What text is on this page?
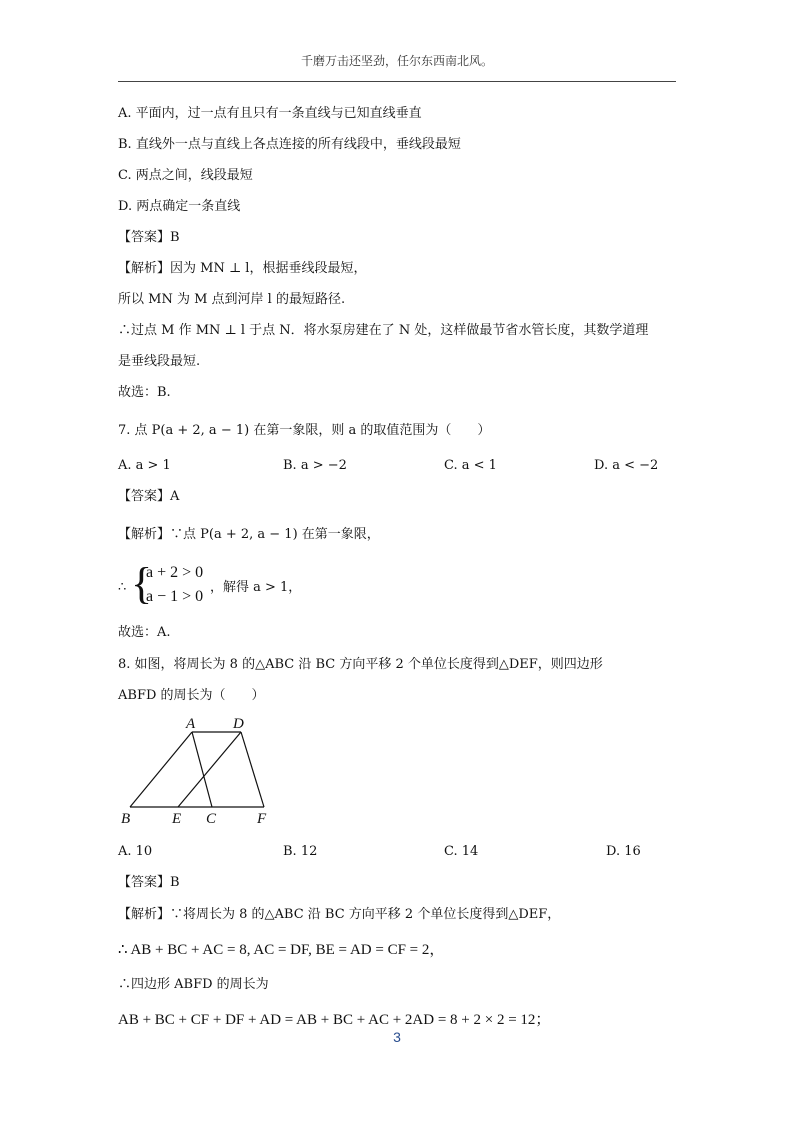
千磨万击还坚劲，任尔东西南北风。
A. 平面内，过一点有且只有一条直线与已知直线垂直
B. 直线外一点与直线上各点连接的所有线段中，垂线段最短
C. 两点之间，线段最短
D. 两点确定一条直线
【答案】B
【解析】因为 MN ⊥ l，根据垂线段最短，
所以 MN 为 M 点到河岸 l 的最短路径.
∴过点 M 作 MN ⊥ l 于点 N．将水泵房建在了 N 处，这样做最节省水管长度，其数学道理
是垂线段最短.
故选：B.
7. 点 P(a + 2, a − 1) 在第一象限，则 a 的取值范围为（　　）
A. a > 1	B. a > −2	C. a < 1	D. a < −2
【答案】A
【解析】∵点 P(a + 2, a − 1) 在第一象限，
∴ {
a + 2 > 0
a − 1 > 0
，解得 a > 1，
故选：A.
8. 如图，将周长为 8 的△ABC 沿 BC 方向平移 2 个单位长度得到△DEF，则四边形
ABFD 的周长为（　　）
A	D
B	E C	F
A. 10	B. 12	C. 14	D. 16
【答案】B
【解析】∵将周长为 8 的△ABC 沿 BC 方向平移 2 个单位长度得到△DEF，
∴ AB + BC + AC = 8, AC = DF, BE = AD = CF = 2，
∴四边形 ABFD 的周长为
AB + BC + CF + DF + AD = AB + BC + AC + 2AD = 8 + 2 × 2 = 12；
3
